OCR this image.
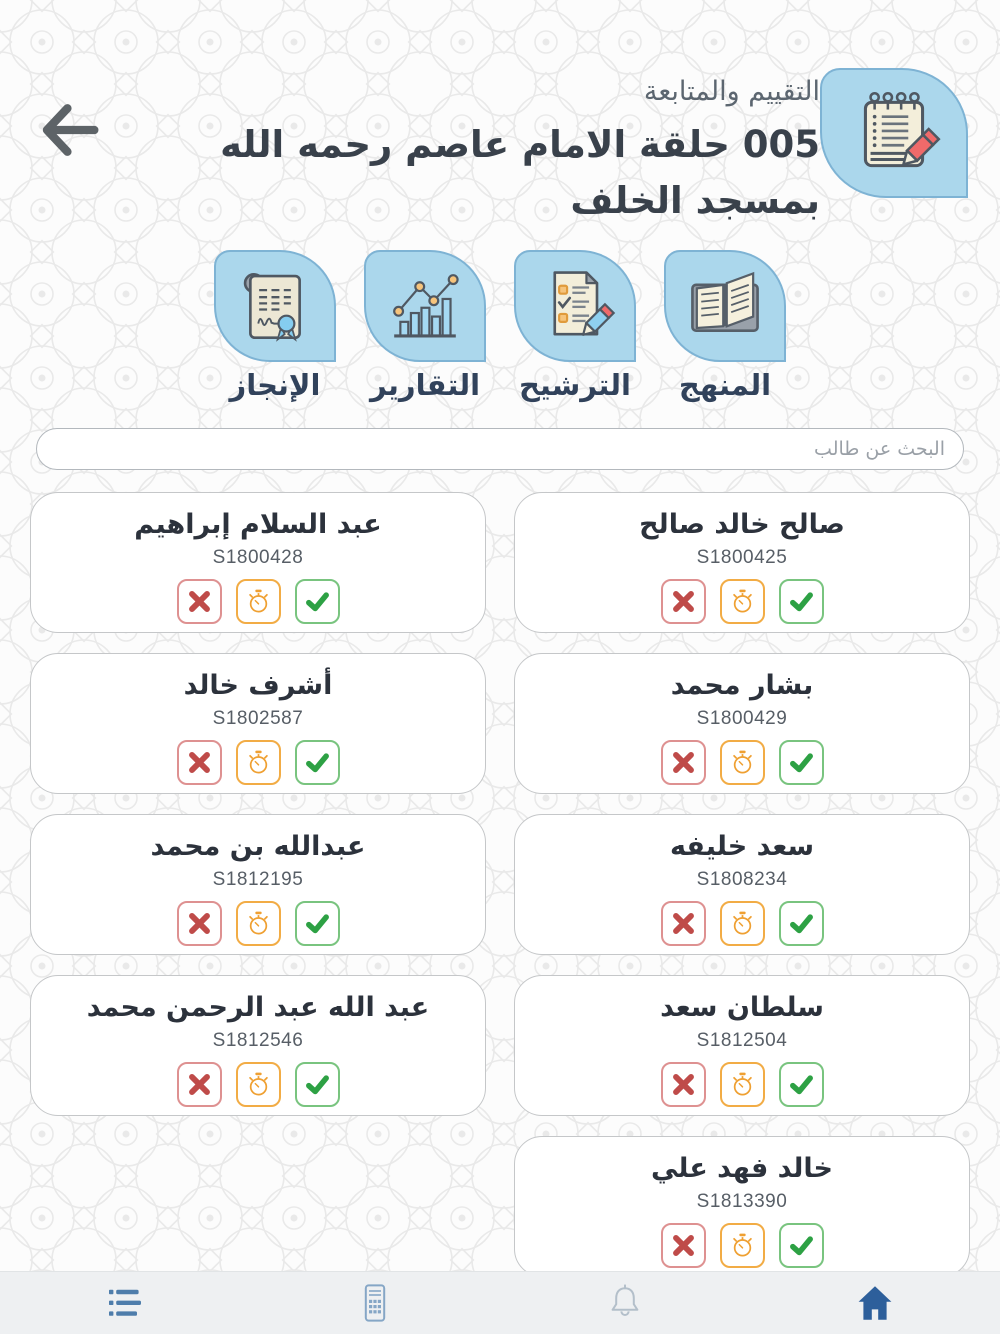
التقييم والمتابعة
005 حلقة الامام عاصم رحمه الله
بمسجد الخلف
المنهج
الترشيح
التقارير
الإنجاز
البحث عن طالب
صالح خالد صالح
S1800425
عبد السلام إبراهيم
S1800428
بشار محمد
S1800429
أشرف خالد
S1802587
سعد خليفه
S1808234
عبدالله بن محمد
S1812195
سلطان سعد
S1812504
عبد الله عبد الرحمن محمد
S1812546
خالد فهد علي
S1813390
